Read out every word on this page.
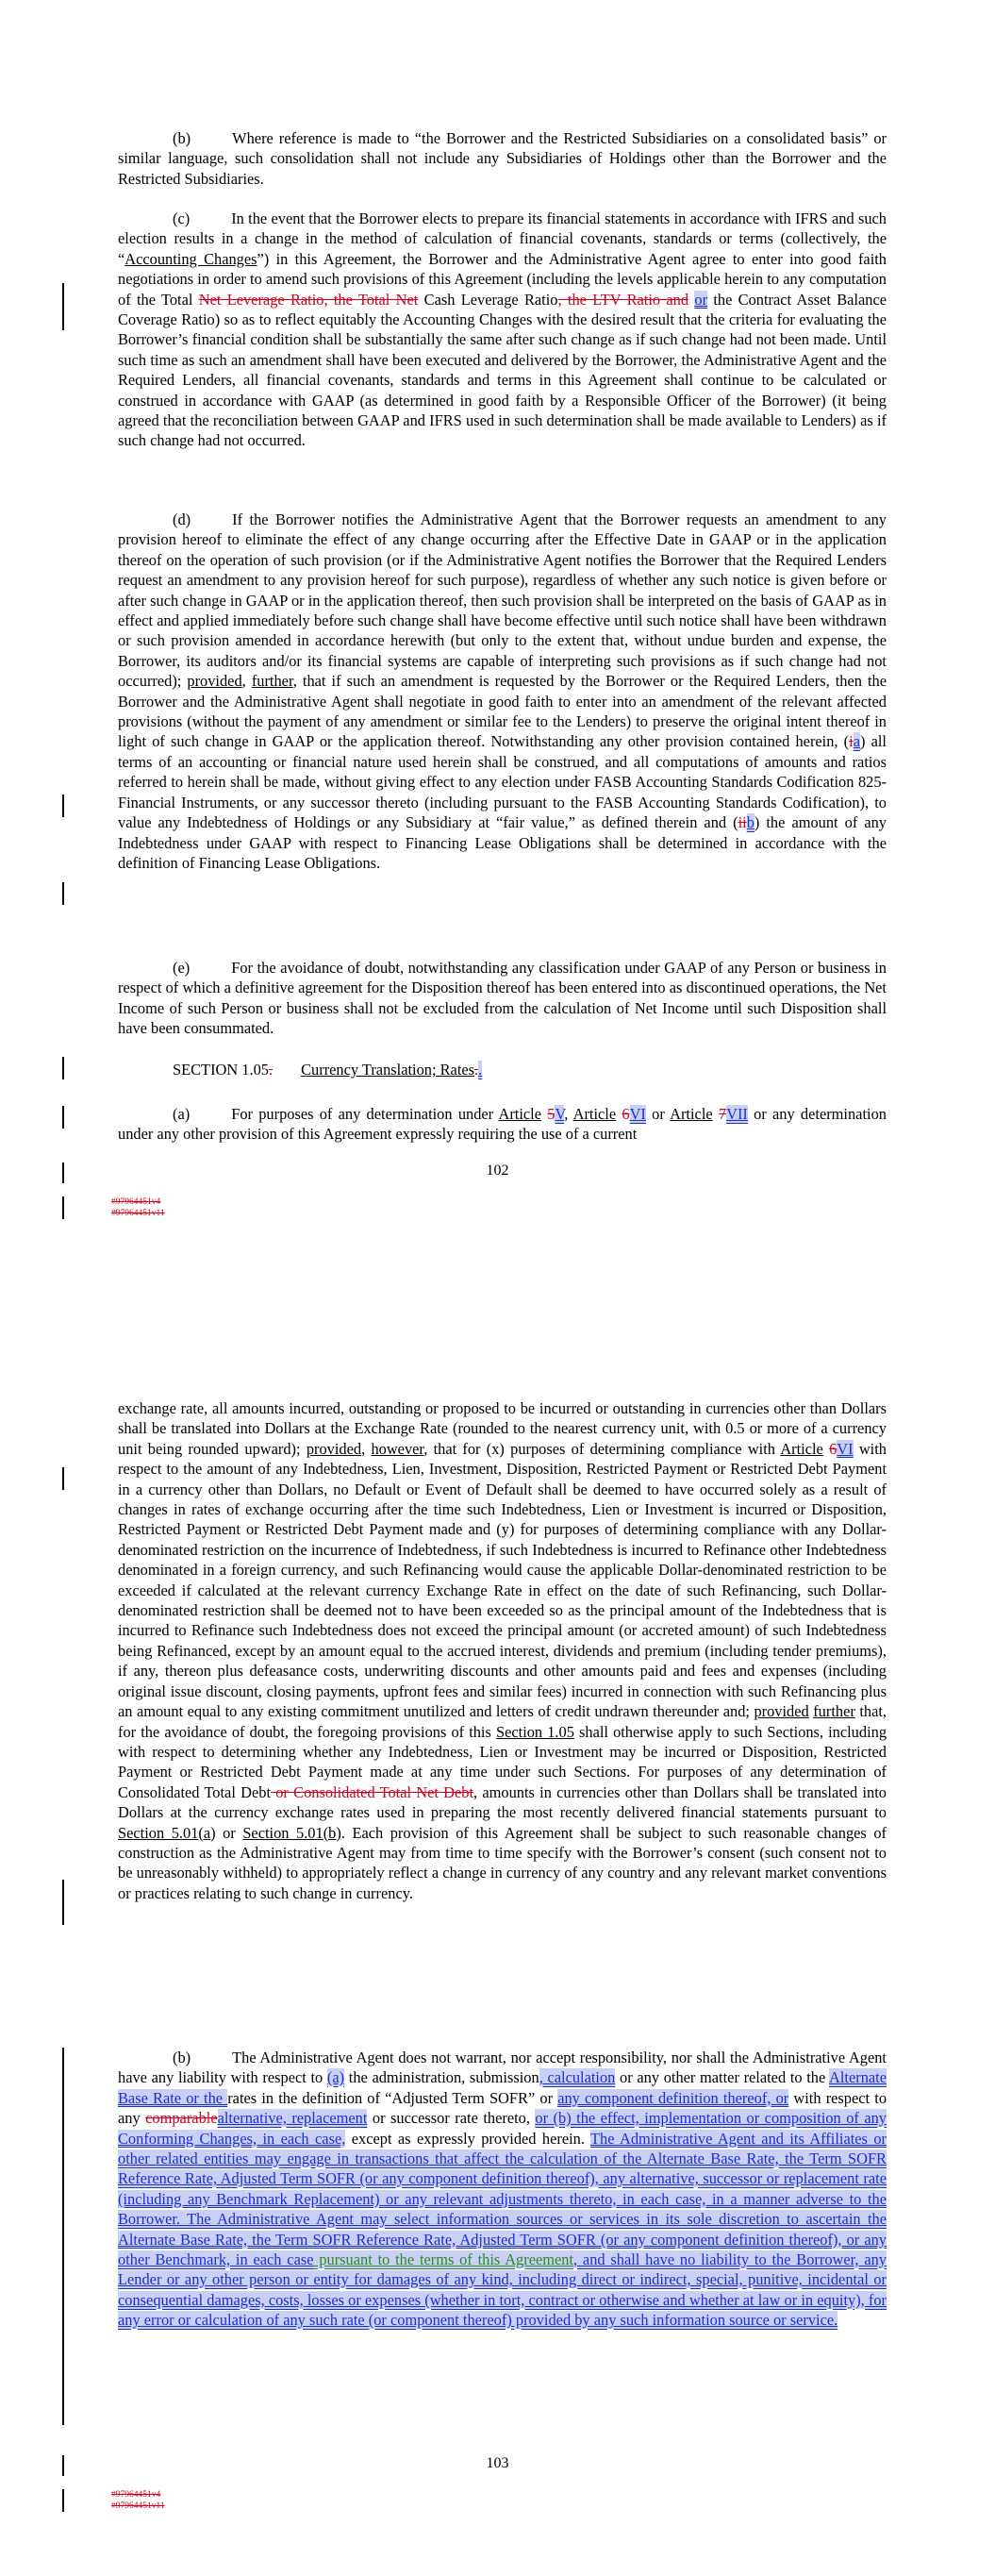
(b)	Where reference is made to “the Borrower and the Restricted Subsidiaries on a consolidated basis” or similar language, such consolidation shall not include any Subsidiaries of Holdings other than the Borrower and the Restricted Subsidiaries.

(c)	In the event that the Borrower elects to prepare its financial statements in accordance with IFRS and such election results in a change in the method of calculation of financial covenants, standards or terms (collectively, the “Accounting Changes”) in this Agreement, the Borrower and the Administrative Agent agree to enter into good faith negotiations in order to amend such provisions of this Agreement (including the levels applicable herein to any computation of the Total Net Leverage Ratio, the Total Net Cash Leverage Ratio, the LTV Ratio and or the Contract Asset Balance Coverage Ratio) so as to reflect equitably the Accounting Changes with the desired result that the criteria for evaluating the Borrower’s financial condition shall be substantially the same after such change as if such change had not been made. Until such time as such an amendment shall have been executed and delivered by the Borrower, the Administrative Agent and the Required Lenders, all financial covenants, standards and terms in this Agreement shall continue to be calculated or construed in accordance with GAAP (as determined in good faith by a Responsible Officer of the Borrower) (it being agreed that the reconciliation between GAAP and IFRS used in such determination shall be made available to Lenders) as if such change had not occurred.

(d)	If the Borrower notifies the Administrative Agent that the Borrower requests an amendment to any provision hereof to eliminate the effect of any change occurring after the Effective Date in GAAP or in the application thereof on the operation of such provision (or if the Administrative Agent notifies the Borrower that the Required Lenders request an amendment to any provision hereof for such purpose), regardless of whether any such notice is given before or after such change in GAAP or in the application thereof, then such provision shall be interpreted on the basis of GAAP as in effect and applied immediately before such change shall have become effective until such notice shall have been withdrawn or such provision amended in accordance herewith (but only to the extent that, without undue burden and expense, the Borrower, its auditors and/or its financial systems are capable of interpreting such provisions as if such change had not occurred); provided, further, that if such an amendment is requested by the Borrower or the Required Lenders, then the Borrower and the Administrative Agent shall negotiate in good faith to enter into an amendment of the relevant affected provisions (without the payment of any amendment or similar fee to the Lenders) to preserve the original intent thereof in light of such change in GAAP or the application thereof. Notwithstanding any other provision contained herein, (ia) all terms of an accounting or financial nature used herein shall be construed, and all computations of amounts and ratios referred to herein shall be made, without giving effect to any election under FASB Accounting Standards Codification 825-Financial Instruments, or any successor thereto (including pursuant to the FASB Accounting Standards Codification), to value any Indebtedness of Holdings or any Subsidiary at “fair value,” as defined therein and (iib) the amount of any Indebtedness under GAAP with respect to Financing Lease Obligations shall be determined in accordance with the definition of Financing Lease Obligations.

(e)	For the avoidance of doubt, notwithstanding any classification under GAAP of any Person or business in respect of which a definitive agreement for the Disposition thereof has been entered into as discontinued operations, the Net Income of such Person or business shall not be excluded from the calculation of Net Income until such Disposition shall have been consummated.

SECTION 1.05. Currency Translation; Rates..

(a)	For purposes of any determination under Article 5V, Article 6VI or Article 7VII or any determination under any other provision of this Agreement expressly requiring the use of a current

102
#97964451v4
#97964451v11

exchange rate, all amounts incurred, outstanding or proposed to be incurred or outstanding in currencies other than Dollars shall be translated into Dollars at the Exchange Rate (rounded to the nearest currency unit, with 0.5 or more of a currency unit being rounded upward); provided, however, that for (x) purposes of determining compliance with Article 6VI with respect to the amount of any Indebtedness, Lien, Investment, Disposition, Restricted Payment or Restricted Debt Payment in a currency other than Dollars, no Default or Event of Default shall be deemed to have occurred solely as a result of changes in rates of exchange occurring after the time such Indebtedness, Lien or Investment is incurred or Disposition, Restricted Payment or Restricted Debt Payment made and (y) for purposes of determining compliance with any Dollar-denominated restriction on the incurrence of Indebtedness, if such Indebtedness is incurred to Refinance other Indebtedness denominated in a foreign currency, and such Refinancing would cause the applicable Dollar-denominated restriction to be exceeded if calculated at the relevant currency Exchange Rate in effect on the date of such Refinancing, such Dollar-denominated restriction shall be deemed not to have been exceeded so as the principal amount of the Indebtedness that is incurred to Refinance such Indebtedness does not exceed the principal amount (or accreted amount) of such Indebtedness being Refinanced, except by an amount equal to the accrued interest, dividends and premium (including tender premiums), if any, thereon plus defeasance costs, underwriting discounts and other amounts paid and fees and expenses (including original issue discount, closing payments, upfront fees and similar fees) incurred in connection with such Refinancing plus an amount equal to any existing commitment unutilized and letters of credit undrawn thereunder and; provided further that, for the avoidance of doubt, the foregoing provisions of this Section 1.05 shall otherwise apply to such Sections, including with respect to determining whether any Indebtedness, Lien or Investment may be incurred or Disposition, Restricted Payment or Restricted Debt Payment made at any time under such Sections. For purposes of any determination of Consolidated Total Debt or Consolidated Total Net Debt, amounts in currencies other than Dollars shall be translated into Dollars at the currency exchange rates used in preparing the most recently delivered financial statements pursuant to Section 5.01(a) or Section 5.01(b). Each provision of this Agreement shall be subject to such reasonable changes of construction as the Administrative Agent may from time to time specify with the Borrower’s consent (such consent not to be unreasonably withheld) to appropriately reflect a change in currency of any country and any relevant market conventions or practices relating to such change in currency.

(b)	The Administrative Agent does not warrant, nor accept responsibility, nor shall the Administrative Agent have any liability with respect to (a) the administration, submission, calculation or any other matter related to the Alternate Base Rate or the rates in the definition of “Adjusted Term SOFR” or any component definition thereof, or with respect to any comparablealternative, replacement or successor rate thereto, or (b) the effect, implementation or composition of any Conforming Changes, in each case, except as expressly provided herein. The Administrative Agent and its Affiliates or other related entities may engage in transactions that affect the calculation of the Alternate Base Rate, the Term SOFR Reference Rate, Adjusted Term SOFR (or any component definition thereof), any alternative, successor or replacement rate (including any Benchmark Replacement) or any relevant adjustments thereto, in each case, in a manner adverse to the Borrower. The Administrative Agent may select information sources or services in its sole discretion to ascertain the Alternate Base Rate, the Term SOFR Reference Rate, Adjusted Term SOFR (or any component definition thereof), or any other Benchmark, in each case pursuant to the terms of this Agreement, and shall have no liability to the Borrower, any Lender or any other person or entity for damages of any kind, including direct or indirect, special, punitive, incidental or consequential damages, costs, losses or expenses (whether in tort, contract or otherwise and whether at law or in equity), for any error or calculation of any such rate (or component thereof) provided by any such information source or service.

103
#97964451v4
#97964451v11
